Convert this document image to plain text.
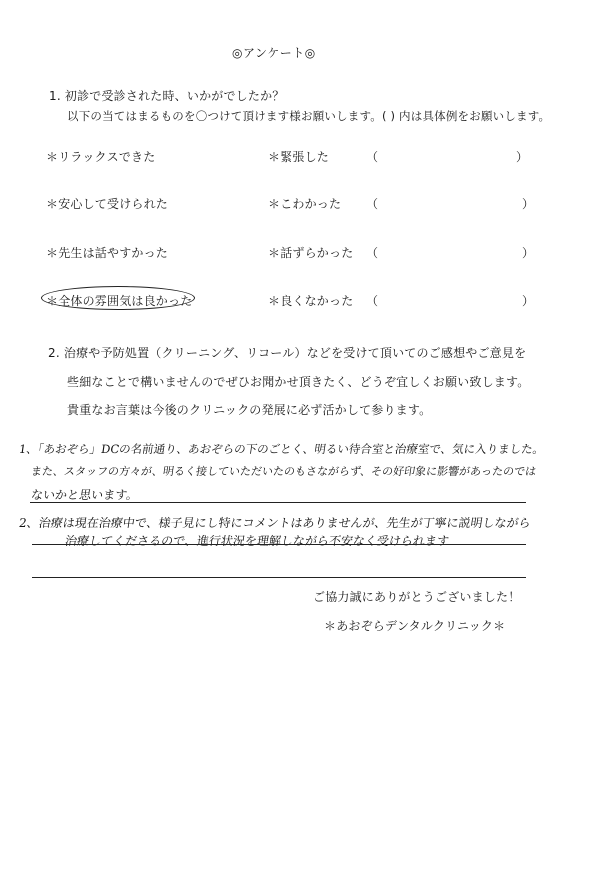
◎アンケート◎
1. 初診で受診された時、いかがでしたか？
以下の当てはまるものを〇つけて頂けます様お願いします。( ) 内は具体例をお願いします。
＊リラックスできた	＊緊張した	（	）
＊安心して受けられた	＊こわかった （	）
＊先生は話やすかった	＊話ずらかった （	）
＊全体の雰囲気は良かった	＊良くなかった （	）
2. 治療や予防処置（クリーニング、リコール）などを受けて頂いてのご感想やご意見を
些細なことで構いませんのでぜひお聞かせ頂きたく、どうぞ宜しくお願い致します。
貴重なお言葉は今後のクリニックの発展に必ず活かして参ります。
1、「あおぞら」DCの名前通り、あおぞらの下のごとく、明るい待合室と治療室で、気に入りました。
また、スタッフの方々が、明るく接していただいたのもさながらず、その好印象に影響があったのでは
ないかと思います。
2、治療は現在治療中で、様子見にし特にコメントはありませんが、先生が丁寧に説明しながら
治療してくださるので、進行状況を理解しながら不安なく受けられます
ご協力誠にありがとうございました！
＊あおぞらデンタルクリニック＊
